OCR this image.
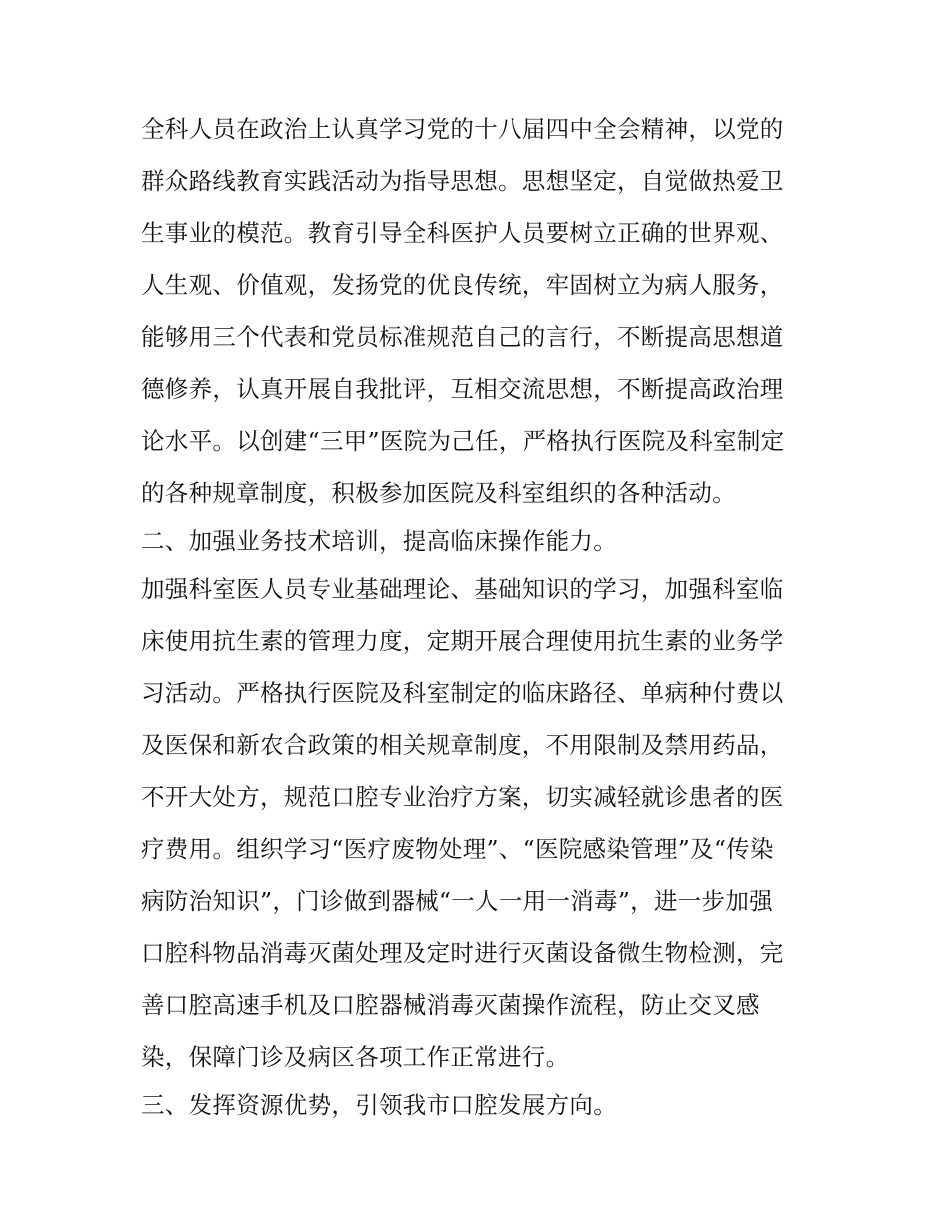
全科人员在政治上认真学习党的十八届四中全会精神，以党的
群众路线教育实践活动为指导思想。思想坚定，自觉做热爱卫
生事业的模范。教育引导全科医护人员要树立正确的世界观、
人生观、价值观，发扬党的优良传统，牢固树立为病人服务，
能够用三个代表和党员标准规范自己的言行，不断提高思想道
德修养，认真开展自我批评，互相交流思想，不断提高政治理
论水平。以创建“三甲”医院为己任，严格执行医院及科室制定
的各种规章制度，积极参加医院及科室组织的各种活动。
二、加强业务技术培训，提高临床操作能力。
加强科室医人员专业基础理论、基础知识的学习，加强科室临
床使用抗生素的管理力度，定期开展合理使用抗生素的业务学
习活动。严格执行医院及科室制定的临床路径、单病种付费以
及医保和新农合政策的相关规章制度，不用限制及禁用药品，
不开大处方，规范口腔专业治疗方案，切实减轻就诊患者的医
疗费用。组织学习“医疗废物处理”、“医院感染管理”及“传染
病防治知识”，门诊做到器械“一人一用一消毒”，进一步加强
口腔科物品消毒灭菌处理及定时进行灭菌设备微生物检测，完
善口腔高速手机及口腔器械消毒灭菌操作流程，防止交叉感
染，保障门诊及病区各项工作正常进行。
三、发挥资源优势，引领我市口腔发展方向。
